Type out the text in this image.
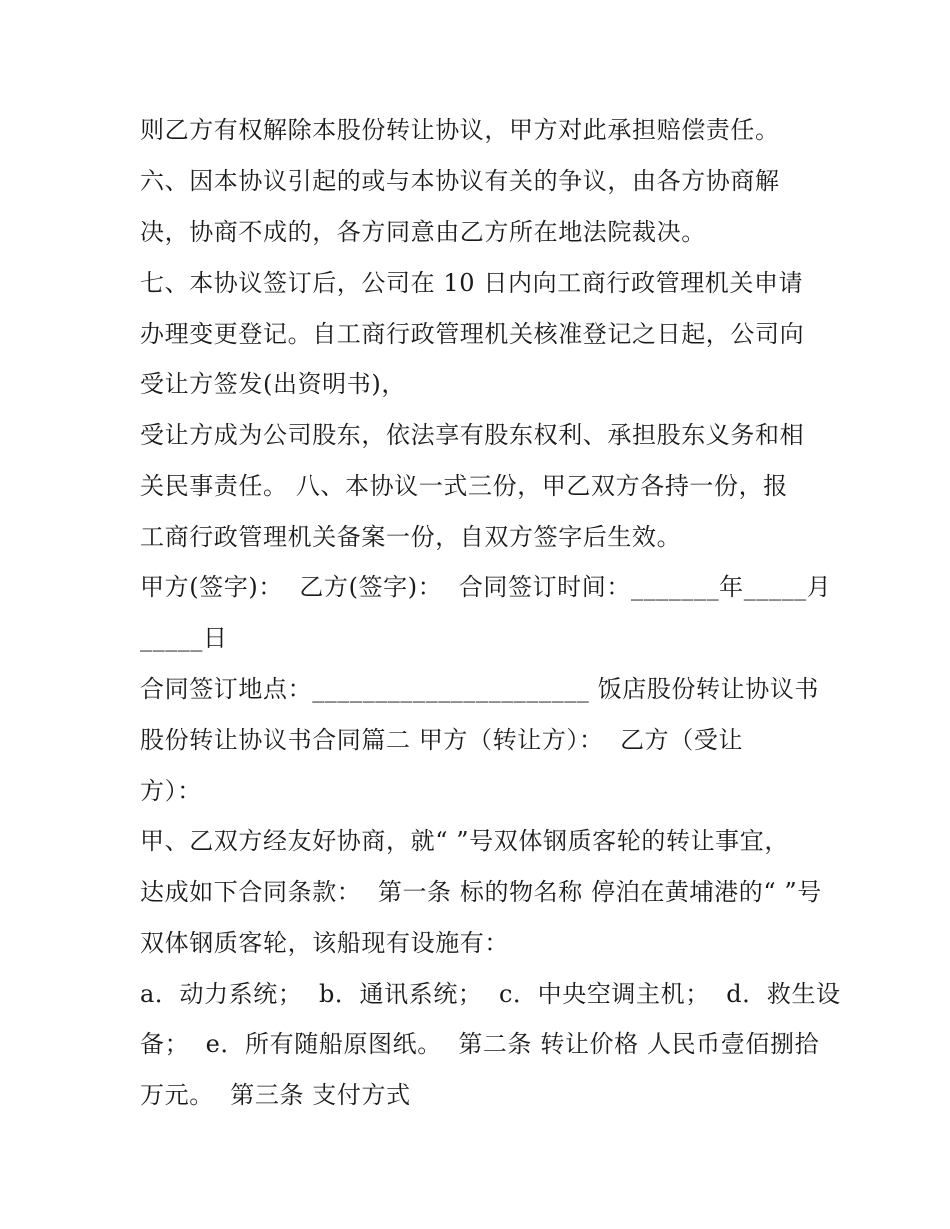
则乙方有权解除本股份转让协议，甲方对此承担赔偿责任。
六、因本协议引起的或与本协议有关的争议，由各方协商解
决，协商不成的，各方同意由乙方所在地法院裁决。
七、本协议签订后，公司在 10 日内向工商行政管理机关申请
办理变更登记。自工商行政管理机关核准登记之日起，公司向
受让方签发(出资明书)，
受让方成为公司股东，依法享有股东权利、承担股东义务和相
关民事责任。 八、本协议一式三份，甲乙双方各持一份，报
工商行政管理机关备案一份，自双方签字后生效。
甲方(签字)：  乙方(签字)：  合同签订时间：_______年_____月
_____日
合同签订地点：______________________ 饭店股份转让协议书
股份转让协议书合同篇二 甲方（转让方）：  乙方（受让
方）：
甲、乙双方经友好协商，就“ ”号双体钢质客轮的转让事宜，
达成如下合同条款：  第一条 标的物名称 停泊在黄埔港的“ ”号
双体钢质客轮，该船现有设施有：
a．动力系统；  b．通讯系统；  c．中央空调主机；  d．救生设
备；  e．所有随船原图纸。  第二条 转让价格 人民币壹佰捌拾
万元。  第三条 支付方式
